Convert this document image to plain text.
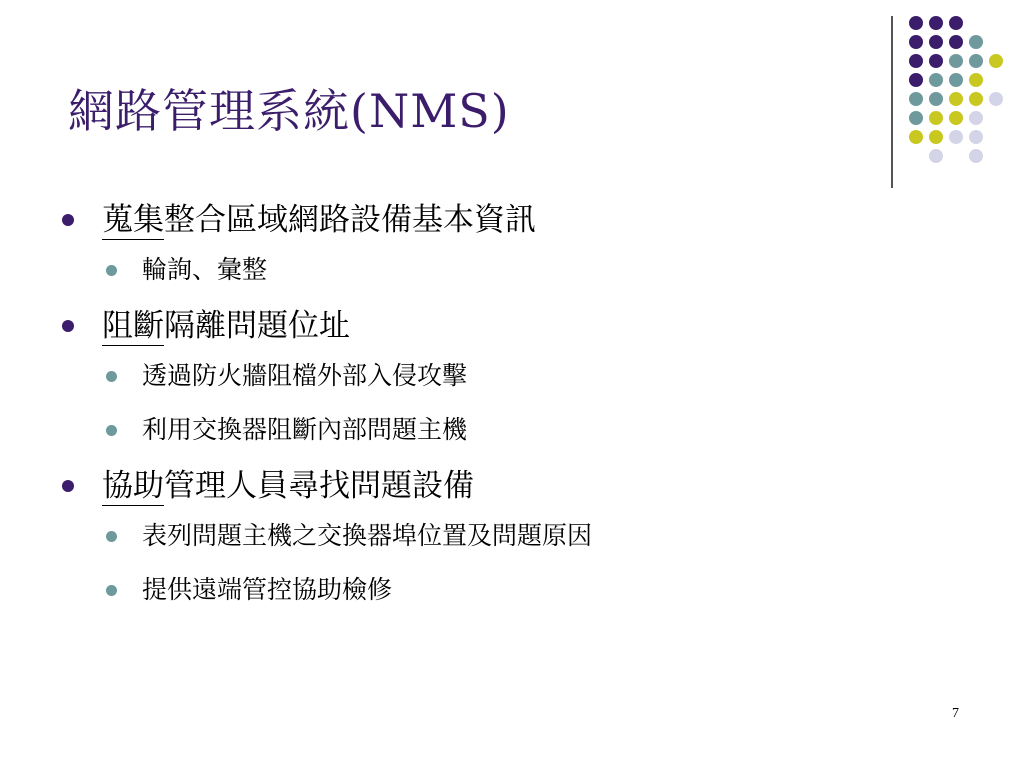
網路管理系統(NMS)
蒐集整合區域網路設備基本資訊
輪詢、彙整
阻斷隔離問題位址
透過防火牆阻檔外部入侵攻擊
利用交換器阻斷內部問題主機
協助管理人員尋找問題設備
表列問題主機之交換器埠位置及問題原因
提供遠端管控協助檢修
7
